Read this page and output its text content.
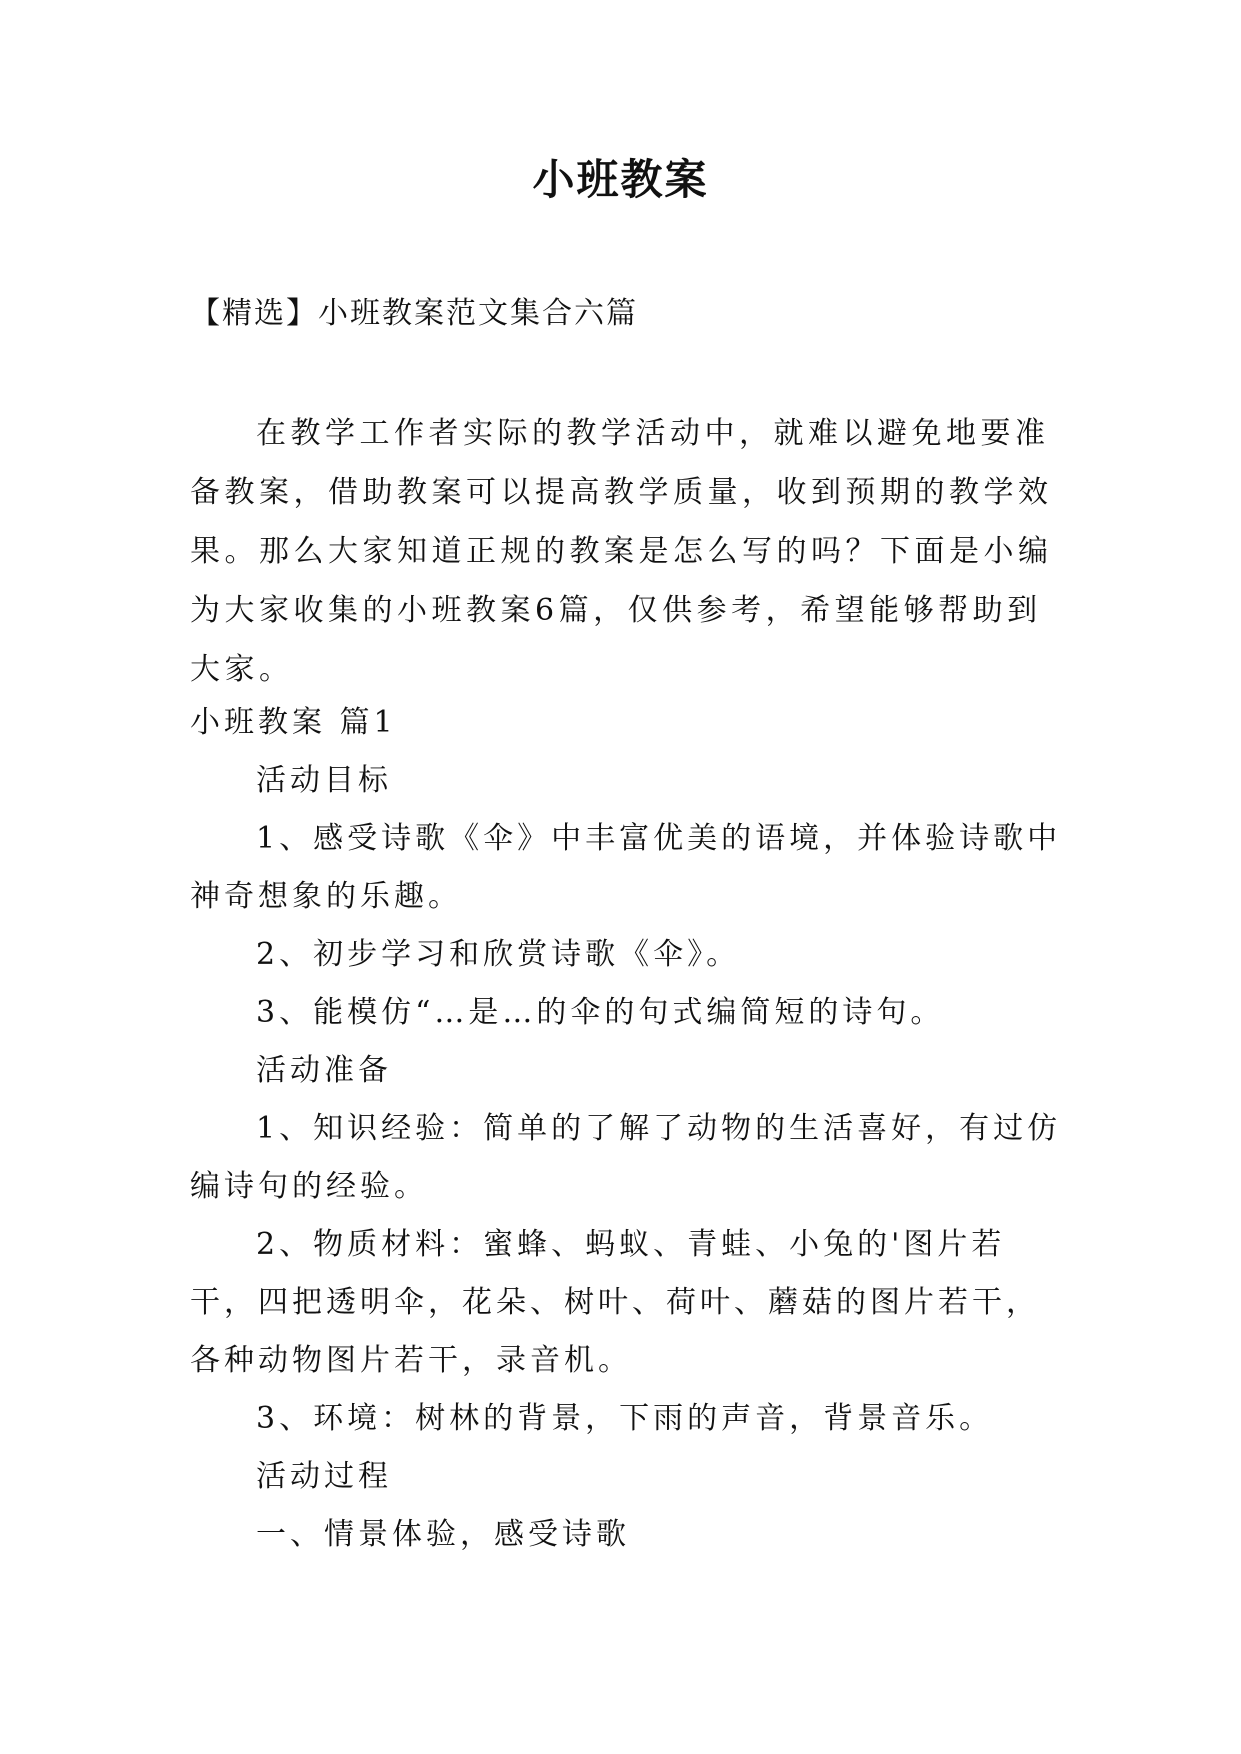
小班教案
【精选】小班教案范文集合六篇

在教学工作者实际的教学活动中，就难以避免地要准备教案，借助教案可以提高教学质量，收到预期的教学效果。那么大家知道正规的教案是怎么写的吗？下面是小编为大家收集的小班教案6篇，仅供参考，希望能够帮助到大家。

小班教案 篇1

活动目标

1、感受诗歌《伞》中丰富优美的语境，并体验诗歌中神奇想象的乐趣。

2、初步学习和欣赏诗歌《伞》。

3、能模仿“…是…的伞的句式编简短的诗句。

活动准备

1、知识经验：简单的了解了动物的生活喜好，有过仿编诗句的经验。

2、物质材料：蜜蜂、蚂蚁、青蛙、小兔的'图片若干，四把透明伞，花朵、树叶、荷叶、蘑菇的图片若干，各种动物图片若干，录音机。

3、环境：树林的背景，下雨的声音，背景音乐。

活动过程

一、情景体验，感受诗歌
